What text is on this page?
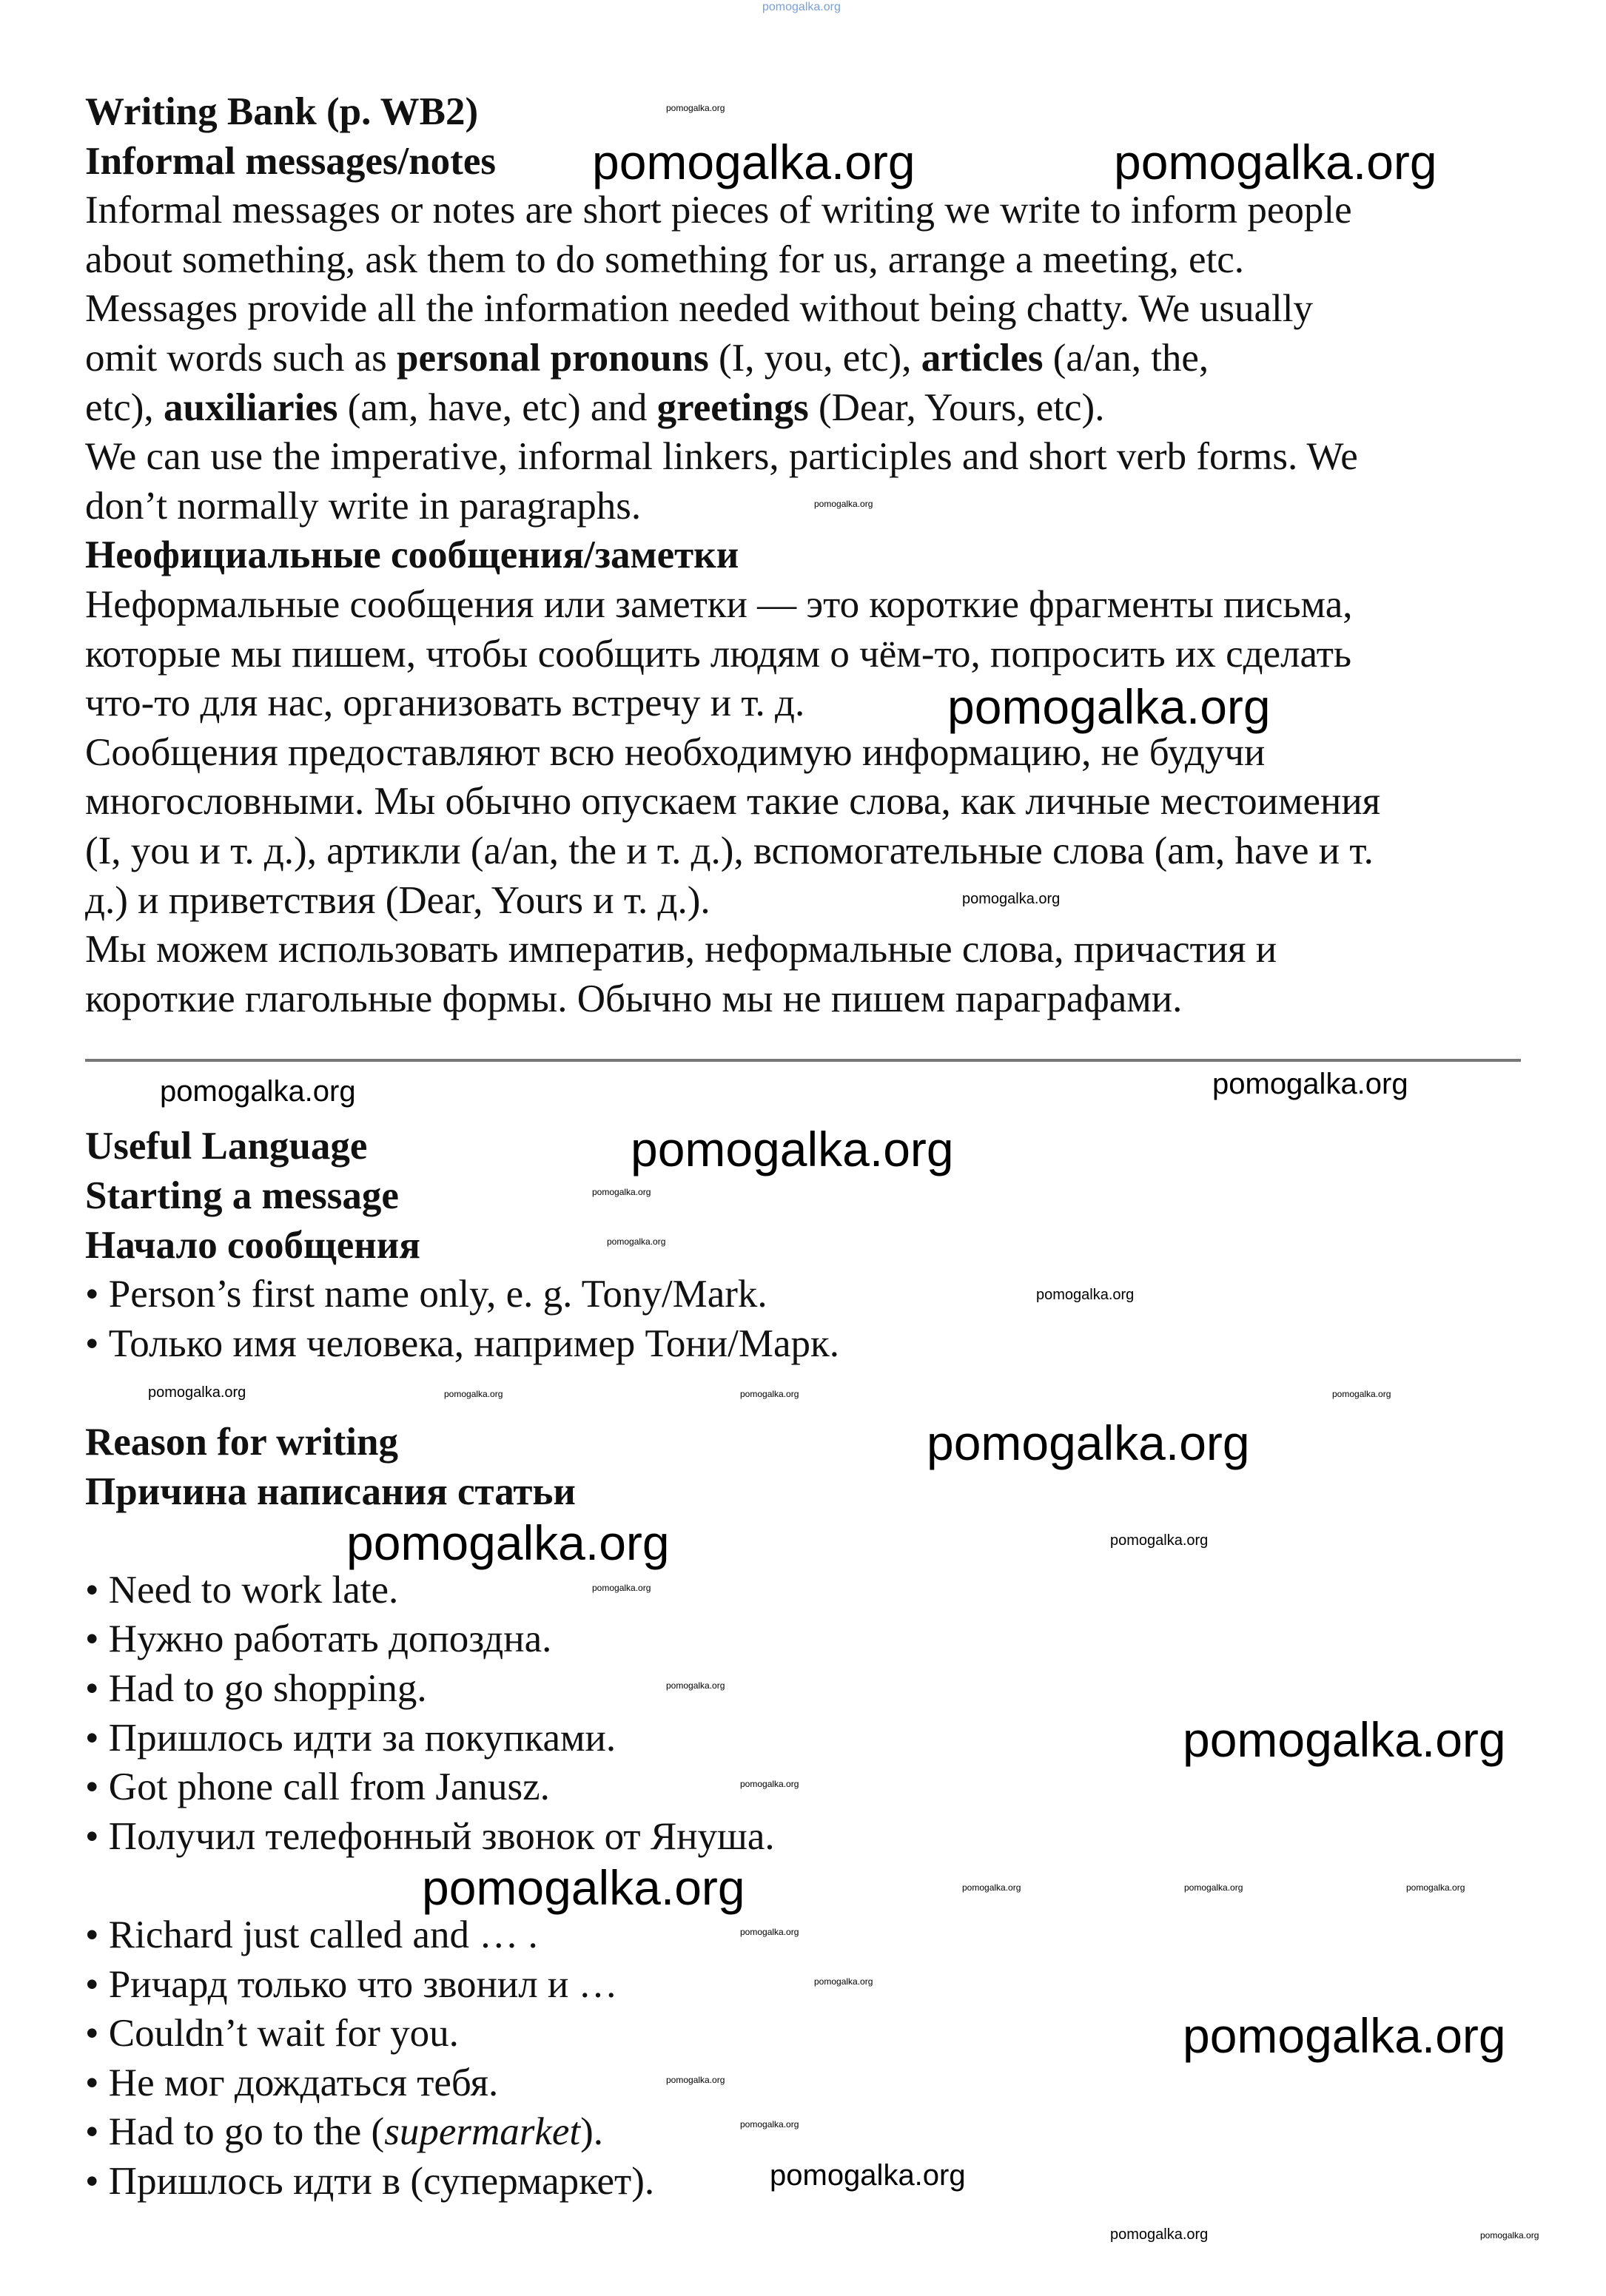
Writing Bank (p. WB2)
Informal messages/notes
Informal messages or notes are short pieces of writing we write to inform people
about something, ask them to do something for us, arrange a meeting, etc.
Messages provide all the information needed without being chatty. We usually
omit words such as personal pronouns (I, you, etc), articles (a/an, the,
etc), auxiliaries (am, have, etc) and greetings (Dear, Yours, etc).
We can use the imperative, informal linkers, participles and short verb forms. We
don’t normally write in paragraphs.
Неофициальные сообщения/заметки
Неформальные сообщения или заметки — это короткие фрагменты письма,
которые мы пишем, чтобы сообщить людям о чём-то, попросить их сделать
что-то для нас, организовать встречу и т. д.
Сообщения предоставляют всю необходимую информацию, не будучи
многословными. Мы обычно опускаем такие слова, как личные местоимения
(I, you и т. д.), артикли (a/an, the и т. д.), вспомогательные слова (am, have и т.
д.) и приветствия (Dear, Yours и т. д.).
Мы можем использовать императив, неформальные слова, причастия и
короткие глагольные формы. Обычно мы не пишем параграфами.
Useful Language
Starting a message
Начало сообщения
• Person’s first name only, e. g. Tony/Mark.
• Только имя человека, например Тони/Марк.
Reason for writing
Причина написания статьи
• Need to work late.
• Нужно работать допоздна.
• Had to go shopping.
• Пришлось идти за покупками.
• Got phone call from Janusz.
• Получил телефонный звонок от Януша.
• Richard just called and … .
• Ричард только что звонил и …
• Couldn’t wait for you.
• Не мог дождаться тебя.
• Had to go to the (supermarket).
• Пришлось идти в (супермаркет).
pomogalka.org
pomogalka.org	pomogalka.org
pomogalka.org
pomogalka.org
pomogalka.org
pomogalka.org
pomogalka.org
pomogalka.org
pomogalka.org
pomogalka.org
pomogalka.org
pomogalka.org
pomogalka.org
pomogalka.org
pomogalka.org
pomogalka.org
pomogalka.org
pomogalka.org
pomogalka.org
pomogalka.org
pomogalka.org
pomogalka.org
pomogalka.org
pomogalka.org
pomogalka.org
pomogalka.org
pomogalka.org
pomogalka.org
pomogalka.org	pomogalka.org	pomogalka.org
pomogalka.org	pomogalka.org	pomogalka.org
pomogalka.org
